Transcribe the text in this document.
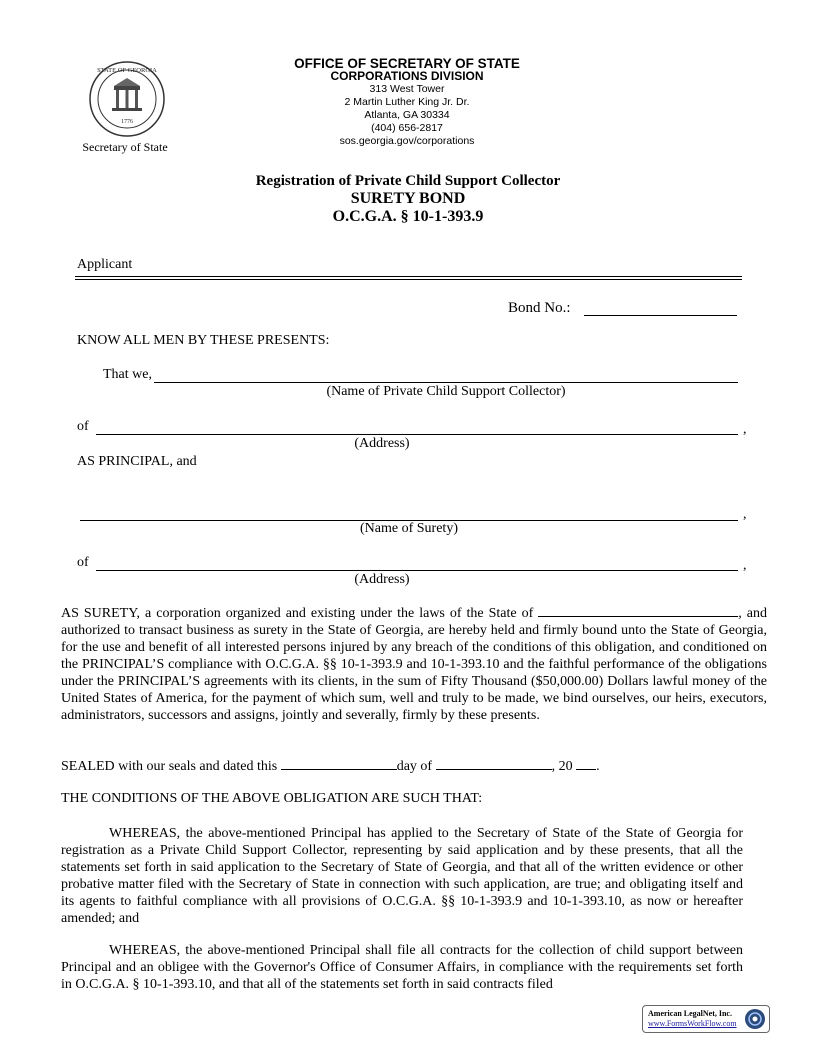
STATE OF GEORGIA
1776
Secretary of State
OFFICE OF SECRETARY OF STATE
CORPORATIONS DIVISION
313 West Tower
2 Martin Luther King Jr. Dr.
Atlanta, GA 30334
(404) 656-2817
sos.georgia.gov/corporations
Registration of Private Child Support Collector
SURETY BOND
O.C.G.A. § 10-1-393.9
Applicant
Bond No.:
KNOW ALL MEN BY THESE PRESENTS:
That we,
(Name of Private Child Support Collector)
of	,
(Address)
AS PRINCIPAL, and
,
(Name of Surety)
of	,
(Address)
AS SURETY, a corporation organized and existing under the laws of the State of	, and authorized to transact business as surety in the State of Georgia, are hereby held and firmly bound unto the State of Georgia, for the use and benefit of all interested persons injured by any breach of the conditions of this obligation, and conditioned on the PRINCIPAL’S compliance with O.C.G.A. §§ 10-1-393.9 and 10-1-393.10 and the faithful performance of the obligations under the PRINCIPAL’S agreements with its clients, in the sum of Fifty Thousand ($50,000.00) Dollars lawful money of the United States of America, for the payment of which sum, well and truly to be made, we bind ourselves, our heirs, executors, administrators, successors and assigns, jointly and severally, firmly by these presents.
SEALED with our seals and dated this	day of	, 20 .
THE CONDITIONS OF THE ABOVE OBLIGATION ARE SUCH THAT:
WHEREAS, the above-mentioned Principal has applied to the Secretary of State of the State of Georgia for registration as a Private Child Support Collector, representing by said application and by these presents, that all the statements set forth in said application to the Secretary of State of Georgia, and that all of the written evidence or other probative matter filed with the Secretary of State in connection with such application, are true; and obligating itself and its agents to faithful compliance with all provisions of O.C.G.A. §§ 10-1-393.9 and 10-1-393.10, as now or hereafter amended; and
WHEREAS, the above-mentioned Principal shall file all contracts for the collection of child support between Principal and an obligee with the Governor's Office of Consumer Affairs, in compliance with the requirements set forth in O.C.G.A. § 10-1-393.10, and that all of the statements set forth in said contracts filed
American LegalNet, Inc.
www.FormsWorkFlow.com
